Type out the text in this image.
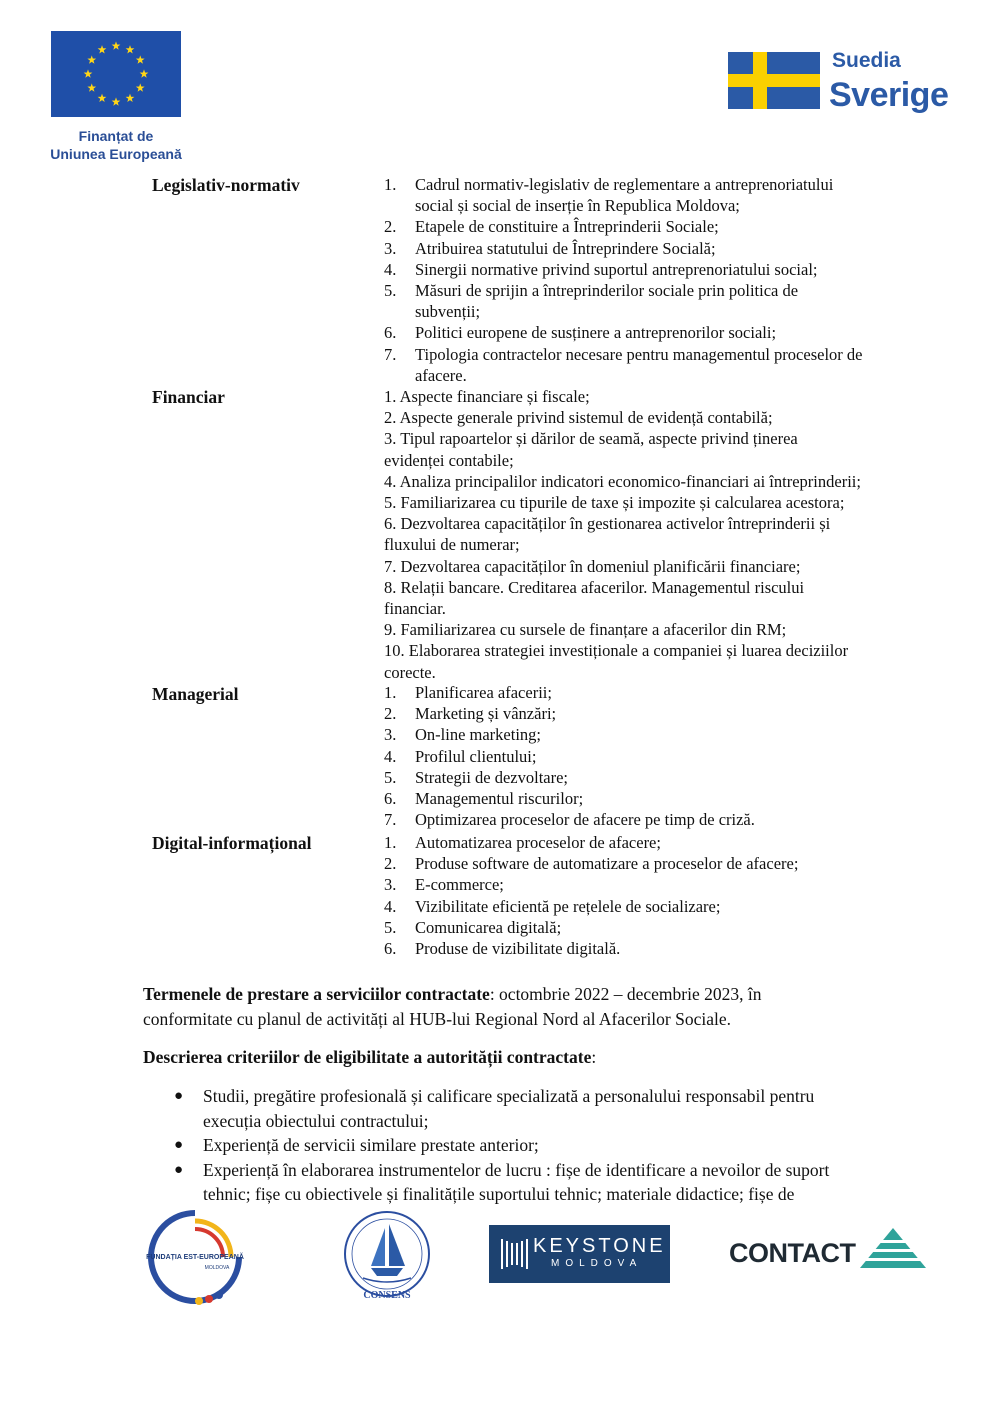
Finanțat de
Uniunea Europeană
Suedia
Sverige
Legislativ-normativ	1. Cadrul normativ-legislativ de reglementare a antreprenoriatului
social și social de inserție în Republica Moldova;
2. Etapele de constituire a Întreprinderii Sociale;
3. Atribuirea statutului de Întreprindere Socială;
4. Sinergii normative privind suportul antreprenoriatului social;
5. Măsuri de sprijin a întreprinderilor sociale prin politica de
subvenții;
6. Politici europene de susținere a antreprenorilor sociali;
7. Tipologia contractelor necesare pentru managementul proceselor de
afacere.
Financiar	1. Aspecte financiare și fiscale;
2. Aspecte generale privind sistemul de evidență contabilă;
3. Tipul rapoartelor și dărilor de seamă, aspecte privind ținerea
evidenței contabile;
4. Analiza principalilor indicatori economico-financiari ai întreprinderii;
5. Familiarizarea cu tipurile de taxe și impozite și calcularea acestora;
6. Dezvoltarea capacităților în gestionarea activelor întreprinderii și
fluxului de numerar;
7. Dezvoltarea capacităților în domeniul planificării financiare;
8. Relații bancare. Creditarea afacerilor. Managementul riscului
financiar.
9. Familiarizarea cu sursele de finanțare a afacerilor din RM;
10. Elaborarea strategiei investiționale a companiei și luarea deciziilor
corecte.
Managerial	1. Planificarea afacerii;
2. Marketing și vânzări;
3. On-line marketing;
4. Profilul clientului;
5. Strategii de dezvoltare;
6. Managementul riscurilor;
7. Optimizarea proceselor de afacere pe timp de criză.
Digital-informațional	1. Automatizarea proceselor de afacere;
2. Produse software de automatizare a proceselor de afacere;
3. E-commerce;
4. Vizibilitate eficientă pe rețelele de socializare;
5. Comunicarea digitală;
6. Produse de vizibilitate digitală.
Termenele de prestare a serviciilor contractate: octombrie 2022 – decembrie 2023, în
conformitate cu planul de activități al HUB-lui Regional Nord al Afacerilor Sociale.
Descrierea criteriilor de eligibilitate a autorității contractate:
● Studii, pregătire profesională și calificare specializată a personalului responsabil pentru
execuția obiectului contractului;
● Experiență de servicii similare prestate anterior;
● Experiență în elaborarea instrumentelor de lucru : fișe de identificare a nevoilor de suport
tehnic; fișe cu obiectivele și finalitățile suportului tehnic; materiale didactice; fișe de
FUNDAȚIA EST-EUROPEANĂ
MOLDOVA
CONSENS
KEYSTONE
MOLDOVA	CONTACT
